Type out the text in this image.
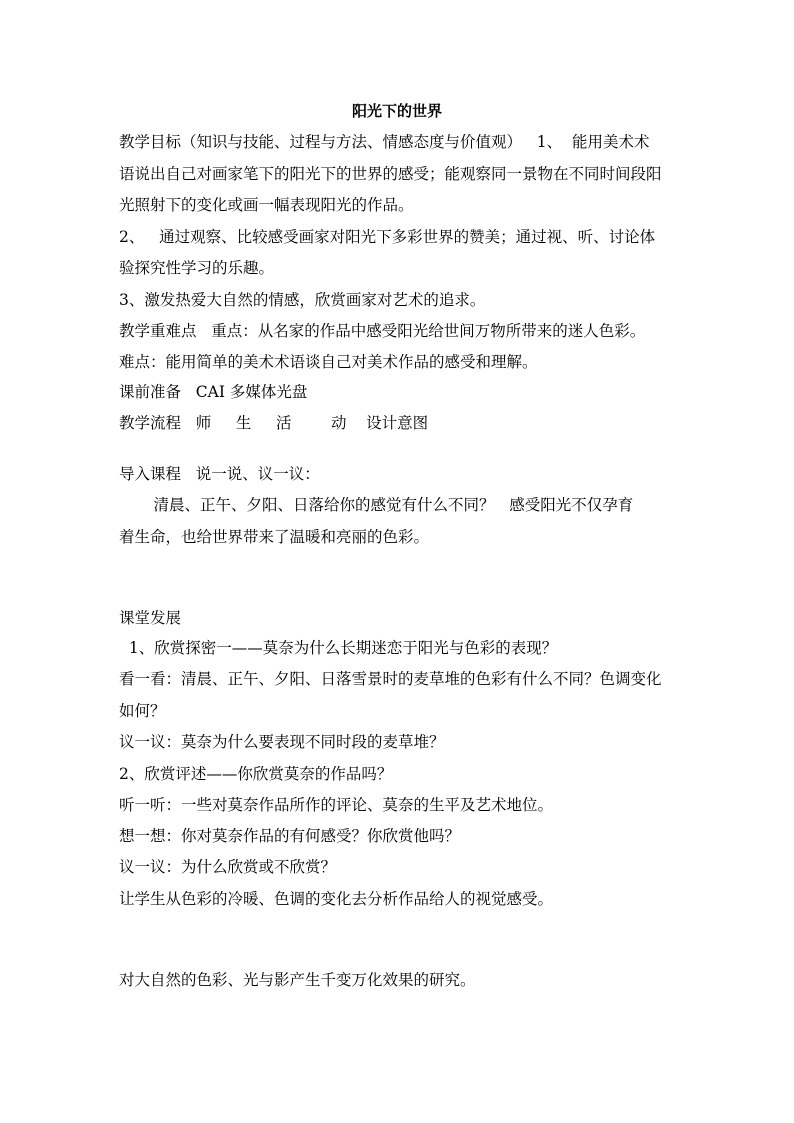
阳光下的世界
教学目标（知识与技能、过程与方法、情感态度与价值观）   1、  能用美术术
语说出自己对画家笔下的阳光下的世界的感受；能观察同一景物在不同时间段阳
光照射下的变化或画一幅表现阳光的作品。
2、   通过观察、比较感受画家对阳光下多彩世界的赞美；通过视、听、讨论体
验探究性学习的乐趣。
3、激发热爱大自然的情感，欣赏画家对艺术的追求。
教学重难点   重点：从名家的作品中感受阳光给世间万物所带来的迷人色彩。
难点：能用简单的美术术语谈自己对美术作品的感受和理解。
课前准备   CAI 多媒体光盘
教学流程   师     生     活        动    设计意图
导入课程   说一说、议一议：
清晨、正午、夕阳、日落给你的感觉有什么不同？   感受阳光不仅孕育
着生命，也给世界带来了温暖和亮丽的色彩。
课堂发展
1、欣赏探密一——莫奈为什么长期迷恋于阳光与色彩的表现？
看一看：清晨、正午、夕阳、日落雪景时的麦草堆的色彩有什么不同？色调变化
如何？
议一议：莫奈为什么要表现不同时段的麦草堆？
2、欣赏评述——你欣赏莫奈的作品吗？
听一听：一些对莫奈作品所作的评论、莫奈的生平及艺术地位。
想一想：你对莫奈作品的有何感受？你欣赏他吗？
议一议：为什么欣赏或不欣赏？
让学生从色彩的冷暖、色调的变化去分析作品给人的视觉感受。
对大自然的色彩、光与影产生千变万化效果的研究。
